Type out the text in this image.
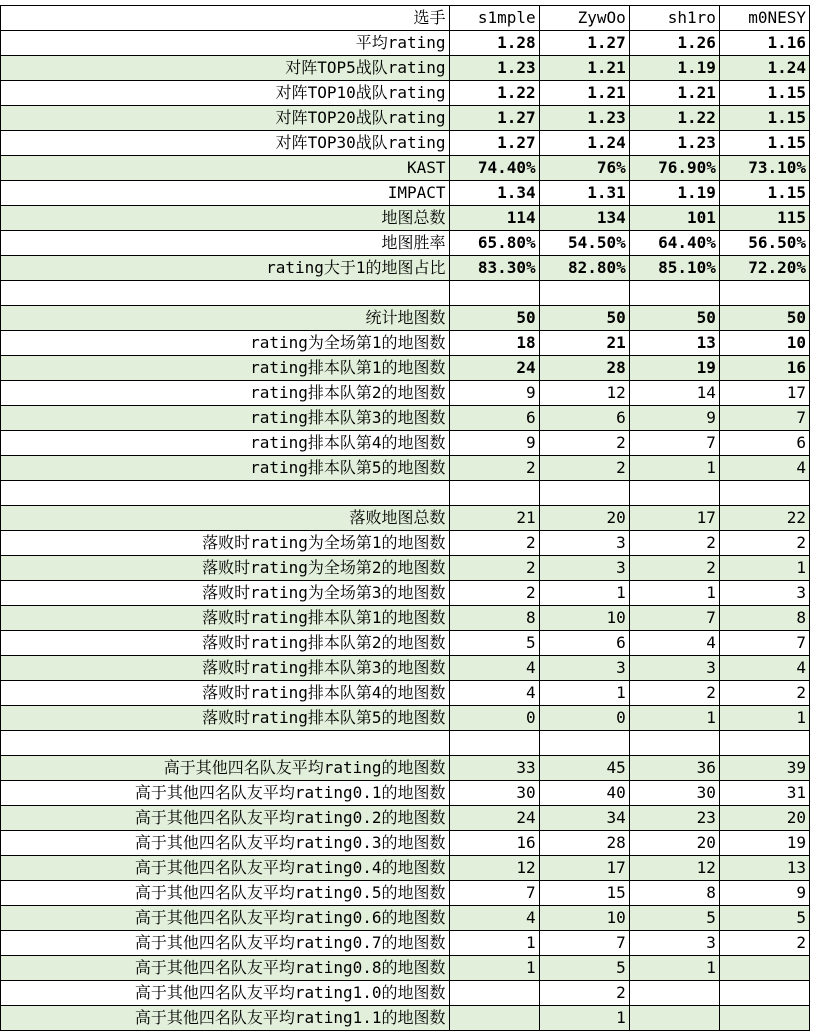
选手	s1mple	ZywOo	sh1ro	m0NESY
平均rating	1.28	1.27	1.26	1.16
对阵TOP5战队rating	1.23	1.21	1.19	1.24
对阵TOP10战队rating	1.22	1.21	1.21	1.15
对阵TOP20战队rating	1.27	1.23	1.22	1.15
对阵TOP30战队rating	1.27	1.24	1.23	1.15
KAST	74.40%	76%	76.90%	73.10%
IMPACT	1.34	1.31	1.19	1.15
地图总数	114	134	101	115
地图胜率	65.80%	54.50%	64.40%	56.50%
rating大于1的地图占比	83.30%	82.80%	85.10%	72.20%

统计地图数	50	50	50	50
rating为全场第1的地图数	18	21	13	10
rating排本队第1的地图数	24	28	19	16
rating排本队第2的地图数	9	12	14	17
rating排本队第3的地图数	6	6	9	7
rating排本队第4的地图数	9	2	7	6
rating排本队第5的地图数	2	2	1	4

落败地图总数	21	20	17	22
落败时rating为全场第1的地图数	2	3	2	2
落败时rating为全场第2的地图数	2	3	2	1
落败时rating为全场第3的地图数	2	1	1	3
落败时rating排本队第1的地图数	8	10	7	8
落败时rating排本队第2的地图数	5	6	4	7
落败时rating排本队第3的地图数	4	3	3	4
落败时rating排本队第4的地图数	4	1	2	2
落败时rating排本队第5的地图数	0	0	1	1

高于其他四名队友平均rating的地图数	33	45	36	39
高于其他四名队友平均rating0.1的地图数	30	40	30	31
高于其他四名队友平均rating0.2的地图数	24	34	23	20
高于其他四名队友平均rating0.3的地图数	16	28	20	19
高于其他四名队友平均rating0.4的地图数	12	17	12	13
高于其他四名队友平均rating0.5的地图数	7	15	8	9
高于其他四名队友平均rating0.6的地图数	4	10	5	5
高于其他四名队友平均rating0.7的地图数	1	7	3	2
高于其他四名队友平均rating0.8的地图数	1	5	1	
高于其他四名队友平均rating1.0的地图数		2		
高于其他四名队友平均rating1.1的地图数		1		
